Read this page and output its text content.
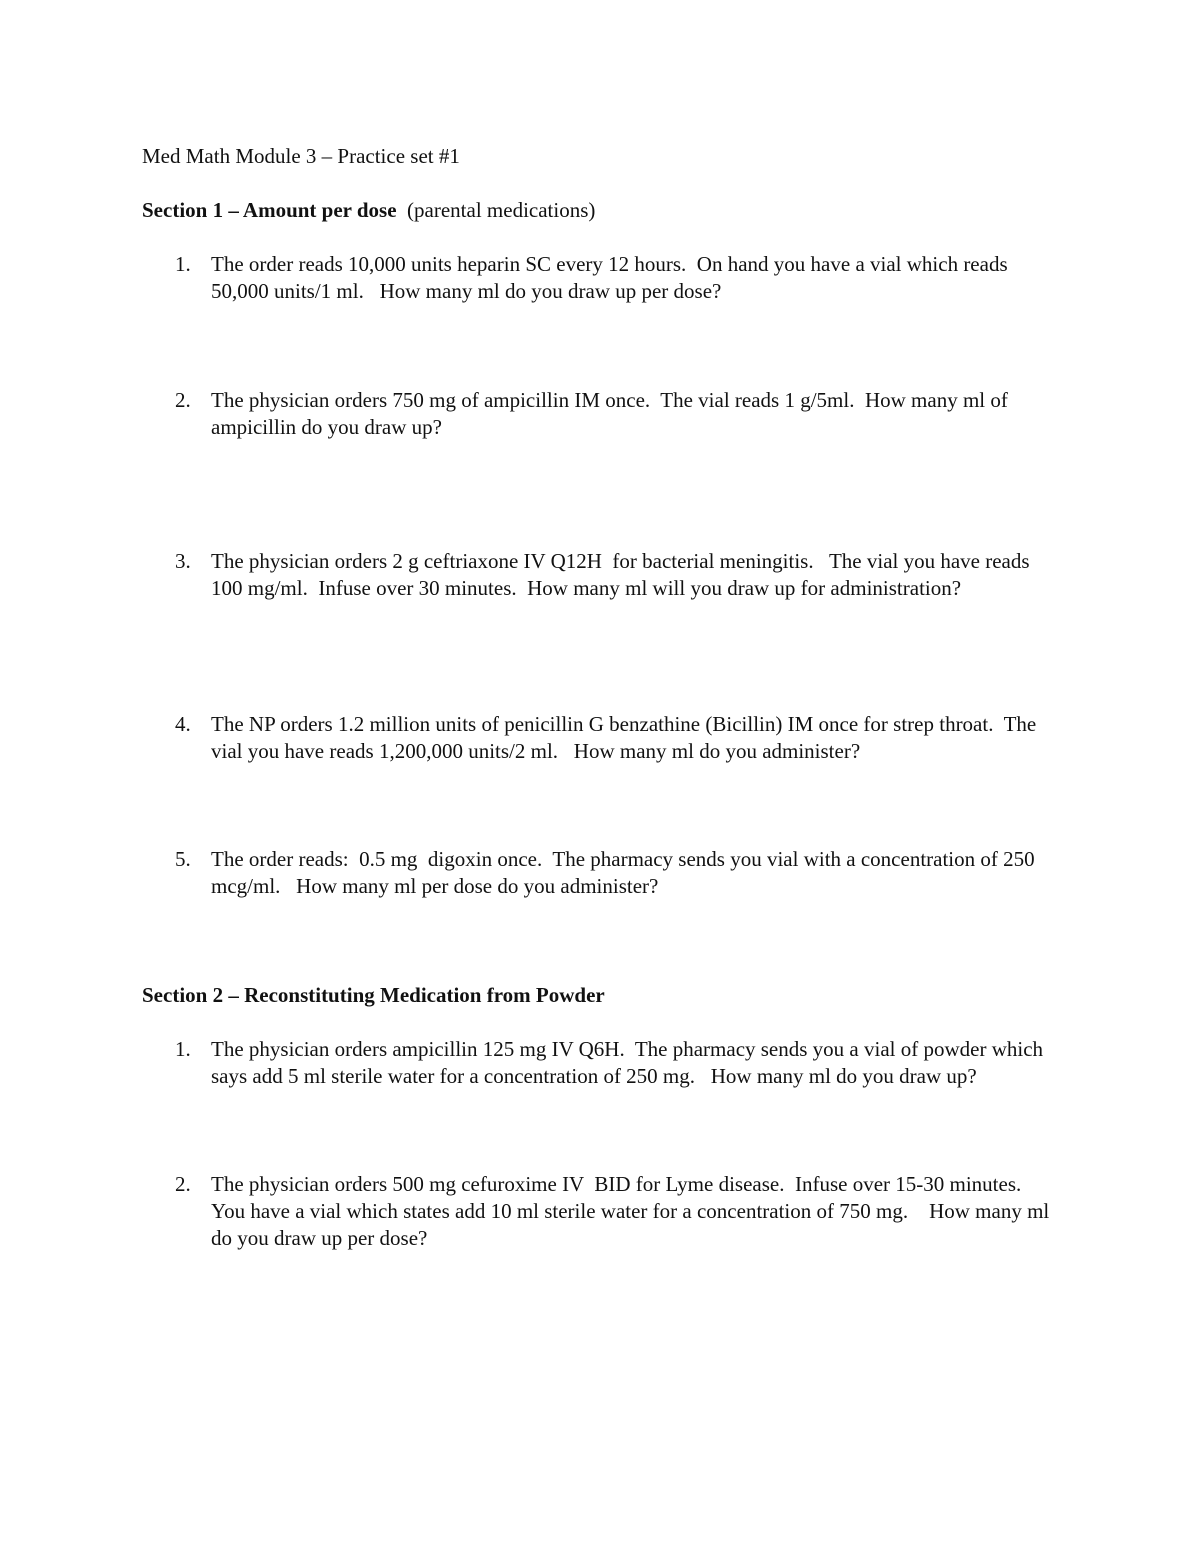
Med Math Module 3 – Practice set #1
Section 1 – Amount per dose  (parental medications)
1. The order reads 10,000 units heparin SC every 12 hours.  On hand you have a vial which reads 50,000 units/1 ml.   How many ml do you draw up per dose?
2. The physician orders 750 mg of ampicillin IM once.  The vial reads 1 g/5ml.  How many ml of ampicillin do you draw up?
3. The physician orders 2 g ceftriaxone IV Q12H  for bacterial meningitis.   The vial you have reads 100 mg/ml.  Infuse over 30 minutes.  How many ml will you draw up for administration?
4. The NP orders 1.2 million units of penicillin G benzathine (Bicillin) IM once for strep throat.  The vial you have reads 1,200,000 units/2 ml.   How many ml do you administer?
5. The order reads:  0.5 mg  digoxin once.  The pharmacy sends you vial with a concentration of 250 mcg/ml.   How many ml per dose do you administer?
Section 2 – Reconstituting Medication from Powder
1. The physician orders ampicillin 125 mg IV Q6H.  The pharmacy sends you a vial of powder which says add 5 ml sterile water for a concentration of 250 mg.   How many ml do you draw up?
2. The physician orders 500 mg cefuroxime IV  BID for Lyme disease.  Infuse over 15-30 minutes.  You have a vial which states add 10 ml sterile water for a concentration of 750 mg.    How many ml do you draw up per dose?
